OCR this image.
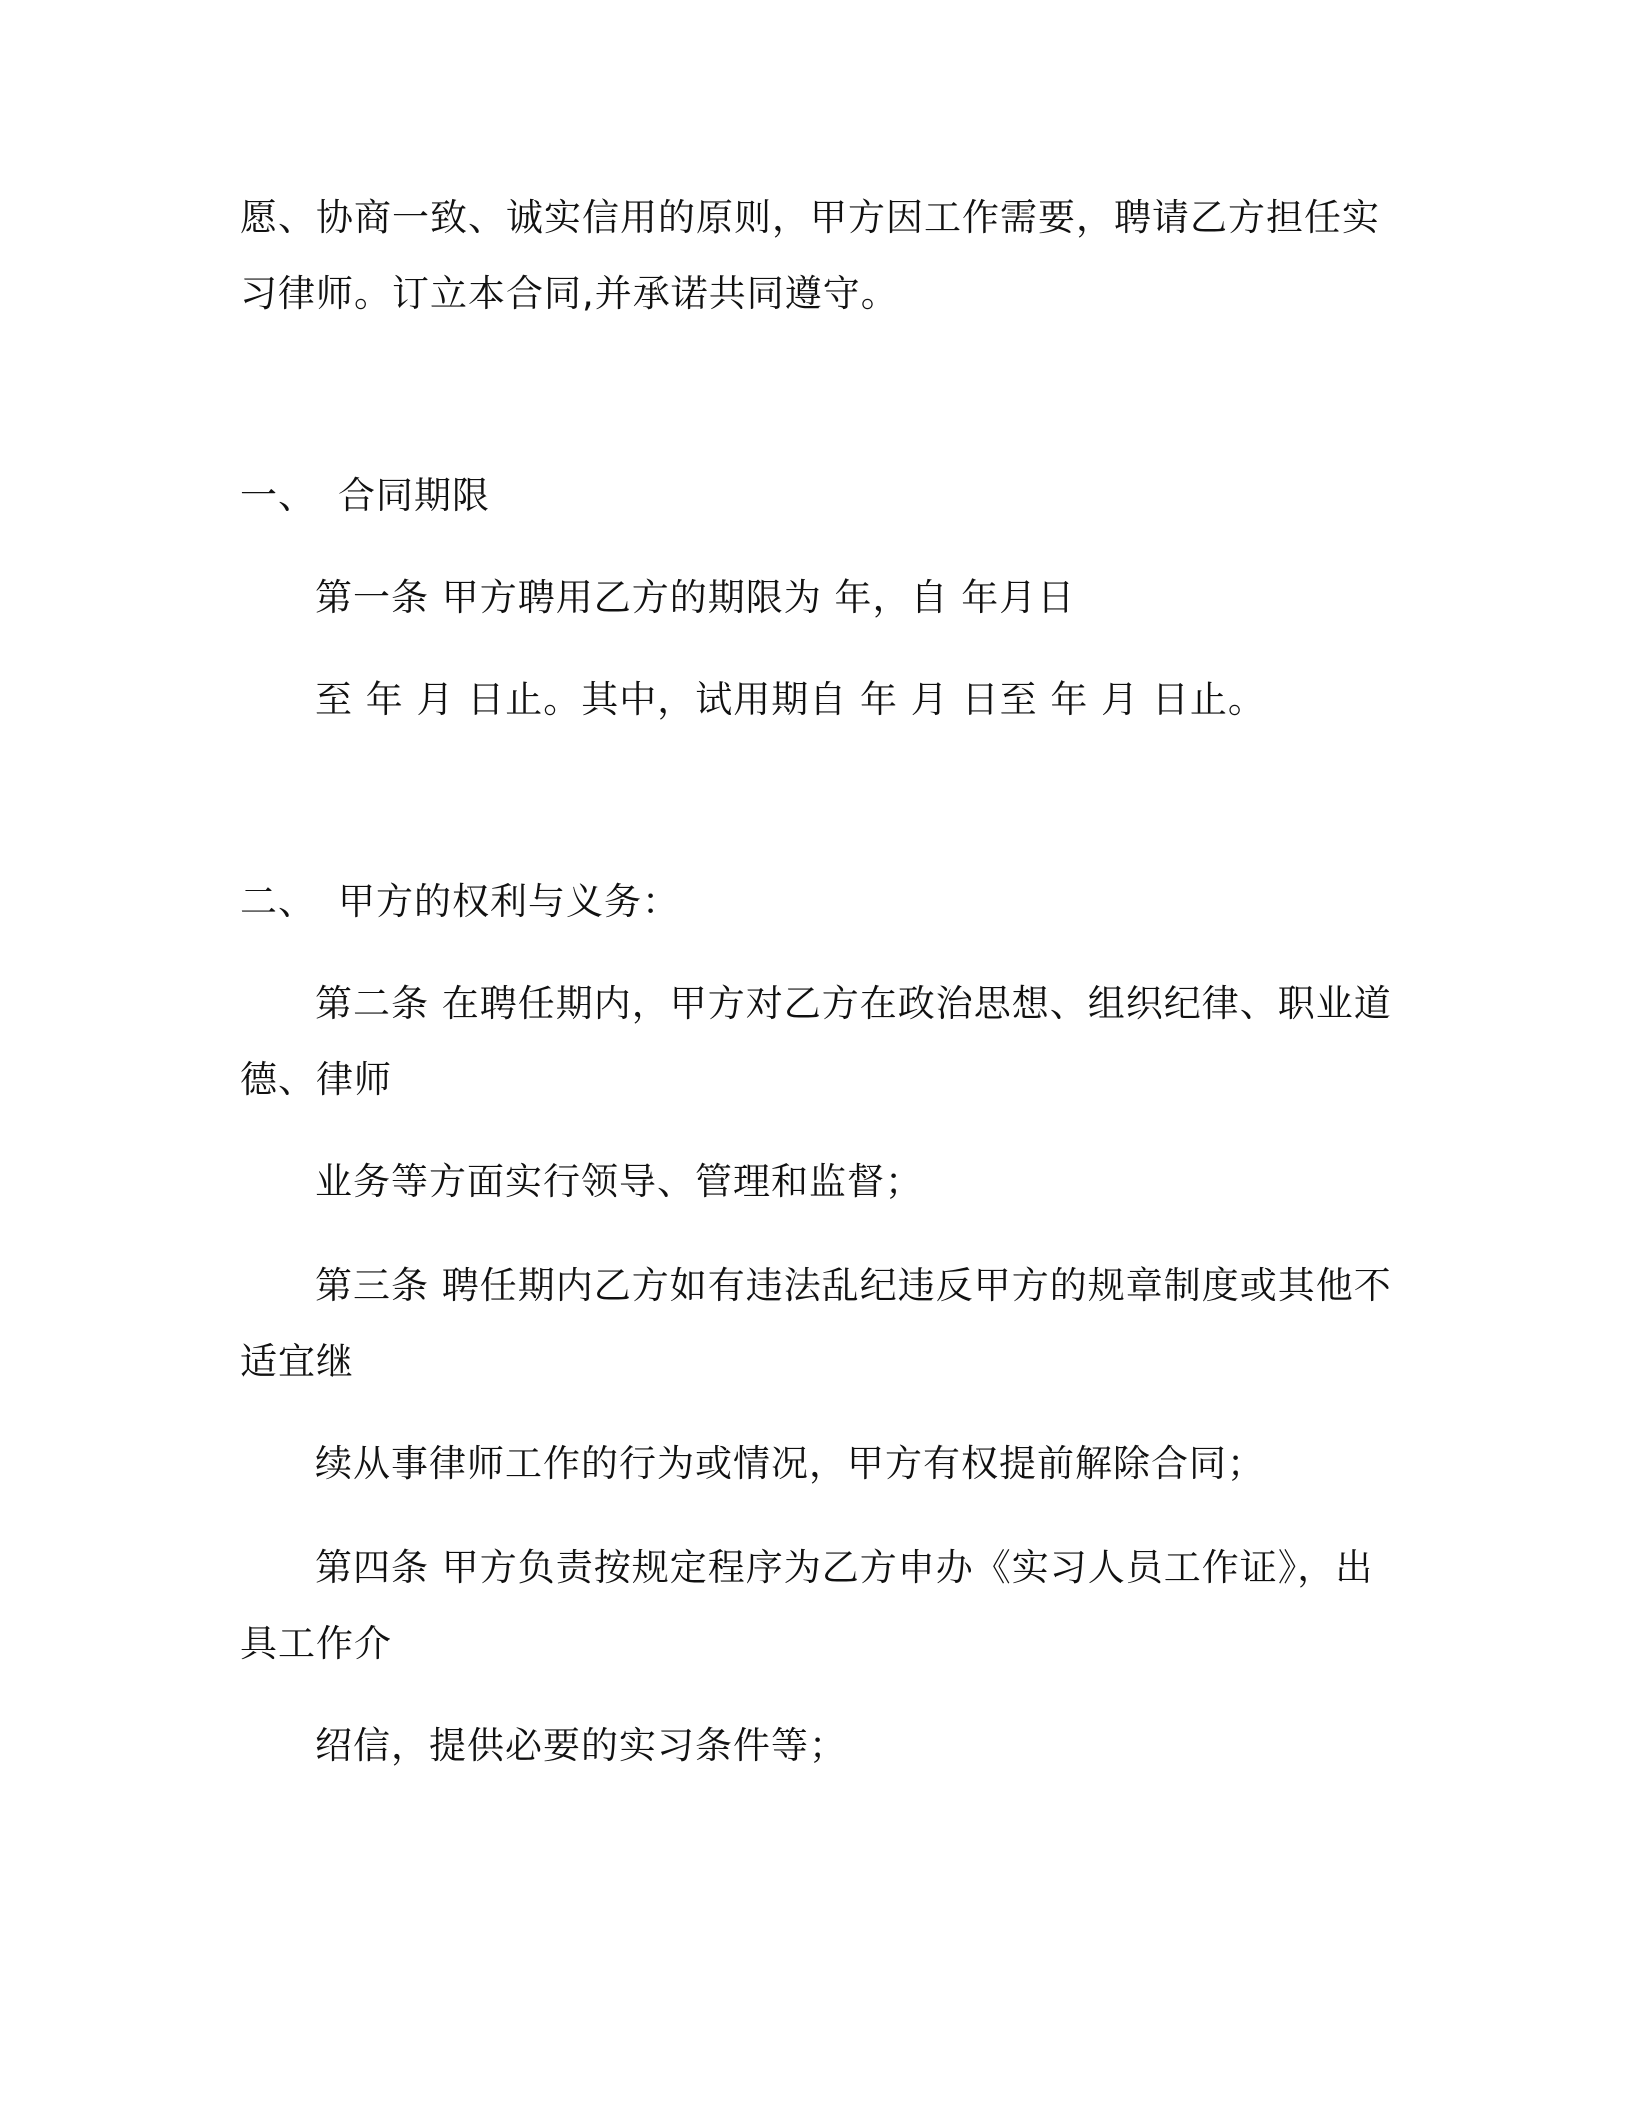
愿、协商一致、诚实信用的原则，甲方因工作需要，聘请乙方担任实
习律师。订立本合同,并承诺共同遵守。
一、 合同期限
第一条 甲方聘用乙方的期限为 年，自 年月日
至 年 月 日止。其中，试用期自 年 月 日至 年 月 日止。
二、 甲方的权利与义务：
第二条 在聘任期内，甲方对乙方在政治思想、组织纪律、职业道
德、律师
业务等方面实行领导、管理和监督；
第三条 聘任期内乙方如有违法乱纪违反甲方的规章制度或其他不
适宜继
续从事律师工作的行为或情况，甲方有权提前解除合同；
第四条 甲方负责按规定程序为乙方申办《实习人员工作证》，出
具工作介
绍信，提供必要的实习条件等；
